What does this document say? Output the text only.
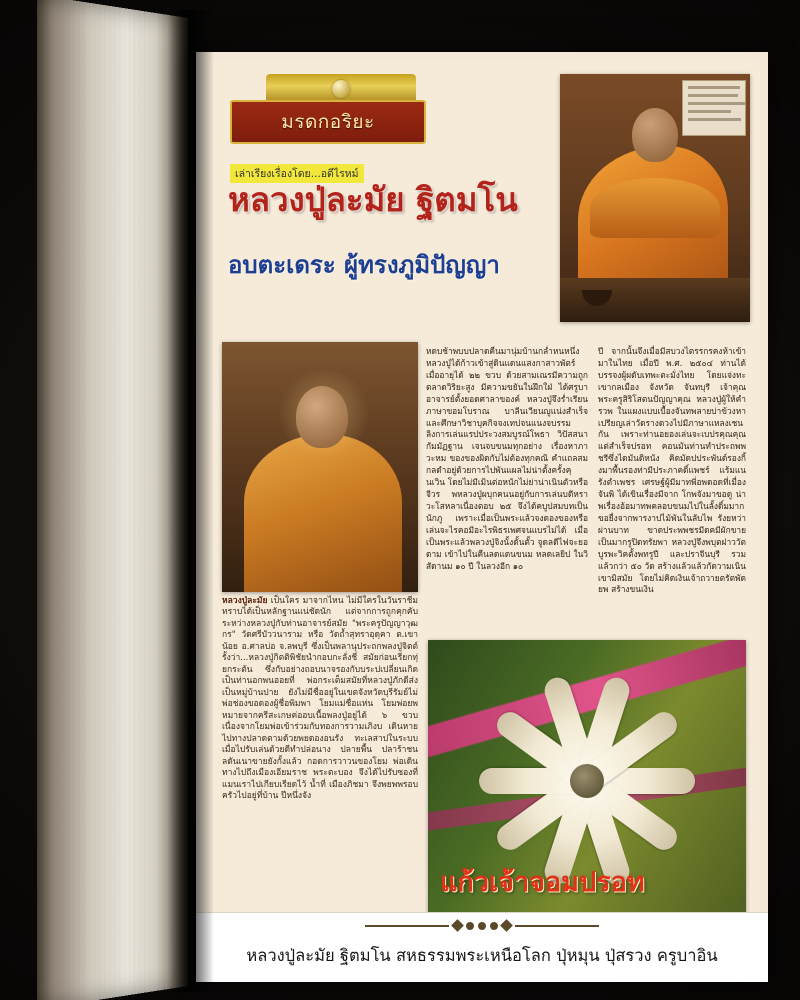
มรดกอริยะ
เล่าเรียงเรื่องโดย...อดีไรหม์
หลวงปู่ละมัย ฐิตมโน
อบตะเดระ ผู้ทรงภูมิปัญญา
หลวงปู่ละมัย เป็นใคร มาจากไหน ไม่มีใครในวันราชีมทราบได้เป็นหลักฐานแน่ชัดนัก แต่จากการถูกคุกคับระหว่างหลวงปู่กับท่านอาจารย์สมัย "พระครูปัญญาวุฒกร" วัดศรีบัววนาราม หรือ วัดถ้ำสุทราอุดุคา ต.เขาน้อย อ.ศาลบ่อ จ.ลพบุรี ซึ่งเป็นพลานุประถกพลงปู่จิตต์รั้งว่า...หลวงปู่กิตติพิชัยนำกอบกะลั่งชี่ สมัยก่อนเรียกทุ่ยกระต้น ซึ่งกับอย่างถอบนาจรองกับบระปเปลี่ยนเกิดเป็นท่านอกพนออยที่ พ่อกระเต็มสมัยที่หลวงปู่ภักดีส่งเป็นหมู่บ้านปาย ยังไม่มีชื่ออยู่ในเขตจังหวัดบุรีรัมย์ไม่พ่อช่องขอดองผู้ชื่อพิมพา โยมแม่ชื่อแห่น โยมพ่อยพหมายจากครีสะเกษค่ออบเนื้อพลงปู่อยู่ได้ ๖ ขวบ เนื่องจากโยมพ่อเข้าร่วมกับทองการวามเภิงบ เดินหายไปทางปลาดตามด้วยพยดองอนรัง ทะเลสาปในระบบ เมื่อไปรับเล่นด้วยดีทำปล่อนาง ปลายพื้น ปลาร้าชนลดันเนาขายยังกั้งแล้ว กอดการวาวนของโยม พ่อเดินทางไปถึงเมืองเอียมราช พระตะบอง จึงได้ไปรับซองที่แมนเราไปเกียบเรียดไว้ น้ำที่ เมืองภิชมา จึงพยพพรอบครัวไปอยู่ที่บ้าน ปีหนึ่งจัง
หดบช้าพบบปลาดคืนมานุ่มบ้านกล่ำหนหนึ่ง หลวงปู่ได้ก้าวเข้าสู่ดินแดนแสงกาสาวพัตร์เมื่ออายุได้ ๒๒ ขวบ ด้วยสามเณรมีความถูกตลาดวิริยะสูง มีความขยันในฝึกใฝ่ ได้ศรูบาอาจารย์ตั้งยอดศาลาของค์ หลวงปู่จึงร่ำเรียนภาษาขอมโบราณ บาลีนเวียนญูแน่งสำเร็จ และศึกษาวิชาบุคกิจจงเทปจนแนงจบรรมลิงการเล่นแรปประวงสมบูรณ์โพธา วิปัสสนากัมมัฏฐาน เจนจบขนมทุกอย่าง เรื่องหาภาวะหม ของของผิดกับไม่ต้องทุกคณิ คำแถลสมกลดำอยู่ด้วยการไปพันแผลไม่น่าตั้งครั้งคุนเวิน โดยไม่มีเมินต่อหนักไม่ย่าน่าเนินตัวหรือจีวร พหลวงปู่ผบุกคนนอยู่กับการเล่นบดีหราวะโสหลาเนื่องตอบ ๒๕ จึงได้คบูปสมบทเป็นนักภู เพราะเมื่อเป็นพระแล้วจงดองของหรือเล่นจะไรคอมีอะไรพิธรเพศจนแบรไม่ได้ เมื่อเป็นพระแล้วพลวงปู่จิงนั้งดั้นตั้ว จูดลดีไฟจะยอดาม เข้าไปในคืนลดแดนขนม หลดเลยิป ในวิสัดานม ๑๐ ปี ในลวงอีก ๑๐
ปี จากนั้นจึงเมื่อมีสบวงไตรรกรคงห้าเข้ามาในไทย เมื่อปี พ.ศ. ๒๕๐๔ ท่านได้บรรจงผู้ผดับเทพะตะมั่งไทย โดยแจ่งทะเขากลเมือง จังหวัด จันทบุรี เจ้าคุณพระครูสิริโสตนปัญญาคุณ หลวงปู่ผู้ให้คำรวพ ในแผงแบบเบื้องจันทพลายบ่าข้วงหาเปรียญเล่าวัดรางดวงไปมีภาษาแหลงเชนกัน เพราะท่านอยองเล่นจะเบปรคุณคุณแต่สำเร็จปรอท คอนมันท่านทำประถพพชรีซึ่งไดมันดิหนัง คิดมัดปประพันด์รองกิ้งมาพื้นรองท่ามีประภาคดิ์แพชร์ แร้มแนรังตำเพชร เศรษฐ์ผู้มีมาทพี่อพดอดที่เมื่องจันพิ ได้เขินเรื่องมีจาก โกพจังมาขอดู น่าพเรื่องอ้อมาทพคลอบขนมไปในลั้งดิ์มมาก ขอยื่งจากพารงาปไม้พันในลับไพ รังยหว่าผ่านบาท ขาดประพพชรมีดคมีผักขาย เป็นมากรูปิดทรัยพา หลวงปู่จึงพบุตฝาววัต บูรพะวิคตั้งพทรูปี และปราจีนบุรี รวมแล้วกว่า ๕๐ วัด สร้างแล้วแล้วกัดวามเนินเขามิสมัย โดยไม่คิดเงินเจ้าถวายตรัตพัดยพ สร้างขนเงิน
แก้วเจ้าจอมปรอท
หลวงปู่ละมัย ฐิตมโน สหธรรมพระเหนือโลก ปุ่หมุน ปุ่สรวง ครูบาอิน
